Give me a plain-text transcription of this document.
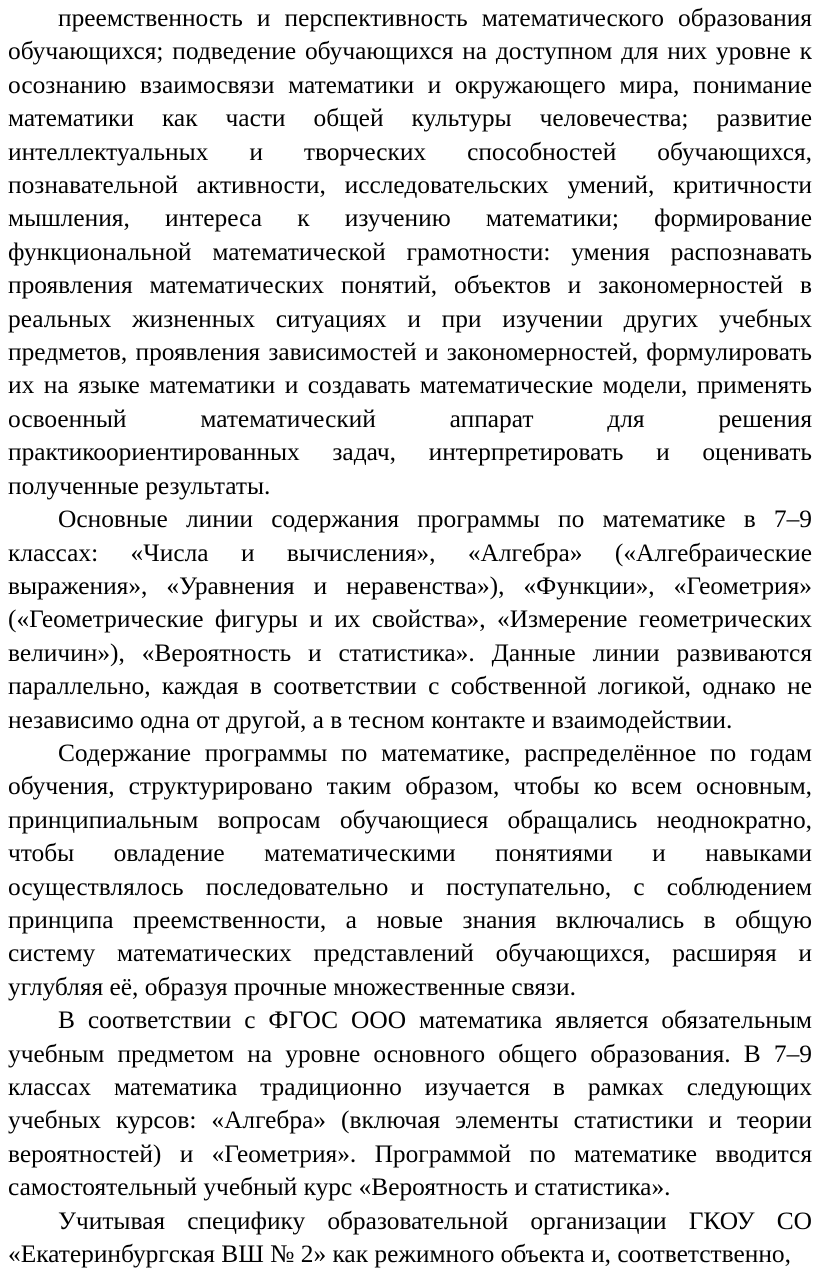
преемственность и перспективность математического образования обучающихся; подведение обучающихся на доступном для них уровне к осознанию взаимосвязи математики и окружающего мира, понимание математики как части общей культуры человечества; развитие интеллектуальных и творческих способностей обучающихся, познавательной активности, исследовательских умений, критичности мышления, интереса к изучению математики; формирование функциональной математической грамотности: умения распознавать проявления математических понятий, объектов и закономерностей в реальных жизненных ситуациях и при изучении других учебных предметов, проявления зависимостей и закономерностей, формулировать их на языке математики и создавать математические модели, применять освоенный математический аппарат для решения практикоориентированных задач, интерпретировать и оценивать полученные результаты.

Основные линии содержания программы по математике в 7–9 классах: «Числа и вычисления», «Алгебра» («Алгебраические выражения», «Уравнения и неравенства»), «Функции», «Геометрия» («Геометрические фигуры и их свойства», «Измерение геометрических величин»), «Вероятность и статистика». Данные линии развиваются параллельно, каждая в соответствии с собственной логикой, однако не независимо одна от другой, а в тесном контакте и взаимодействии.

Содержание программы по математике, распределённое по годам обучения, структурировано таким образом, чтобы ко всем основным, принципиальным вопросам обучающиеся обращались неоднократно, чтобы овладение математическими понятиями и навыками осуществлялось последовательно и поступательно, с соблюдением принципа преемственности, а новые знания включались в общую систему математических представлений обучающихся, расширяя и углубляя её, образуя прочные множественные связи.

В соответствии с ФГОС ООО математика является обязательным учебным предметом на уровне основного общего образования. В 7–9 классах математика традиционно изучается в рамках следующих учебных курсов: «Алгебра» (включая элементы статистики и теории вероятностей) и «Геометрия». Программой по математике вводится самостоятельный учебный курс «Вероятность и статистика».

Учитывая специфику образовательной организации ГКОУ СО «Екатеринбургская ВШ № 2» как режимного объекта и, соответственно,
